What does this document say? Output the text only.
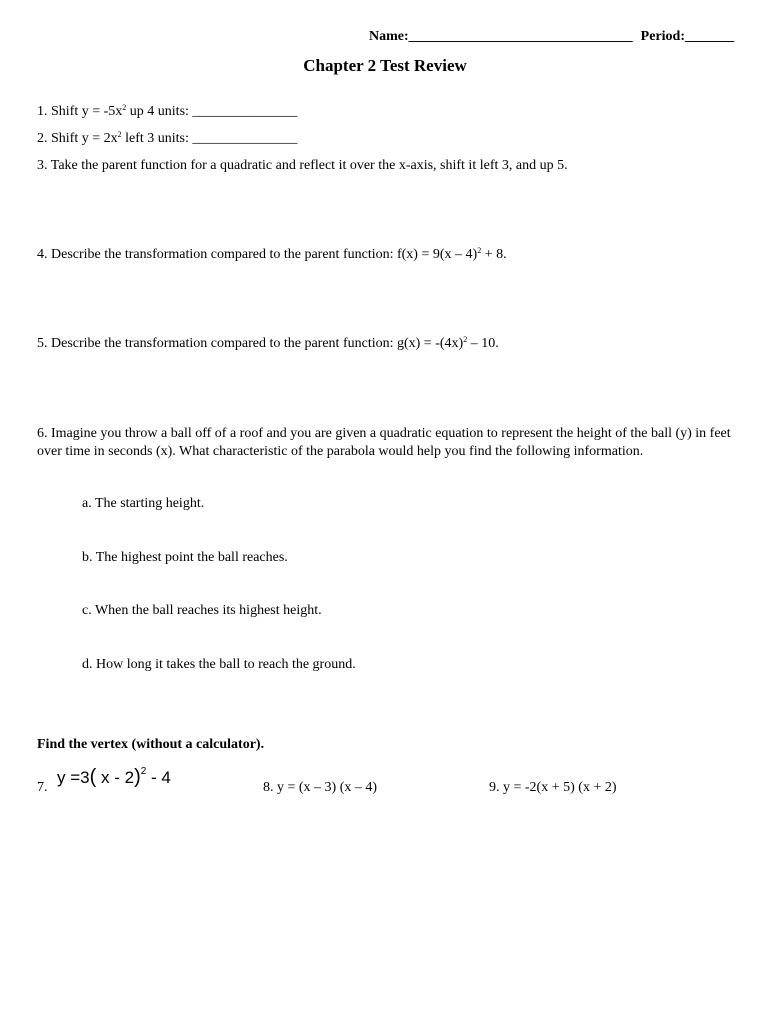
Name:________________________________ Period:_______
Chapter 2 Test Review
1. Shift $y = -5x^2$ up 4 units: _______________
2. Shift $y = 2x^2$ left 3 units: _______________
3. Take the parent function for a quadratic and reflect it over the x-axis, shift it left 3, and up 5.
4. Describe the transformation compared to the parent function: f(x) = 9(x – 4)$^2$ + 8.
5. Describe the transformation compared to the parent function: $g(x) = -(4x)^2 - 10$.
6. Imagine you throw a ball off of a roof and you are given a quadratic equation to represent the height of the ball (y) in feet over time in seconds (x). What characteristic of the parabola would help you find the following information.
a. The starting height.
b. The highest point the ball reaches.
c. When the ball reaches its highest height.
d. How long it takes the ball to reach the ground.
Find the vertex (without a calculator).
7.
y =3( x - 2)$^2$ - 4
8. y = (x – 3) (x – 4)	9. y = -2(x + 5) (x + 2)
